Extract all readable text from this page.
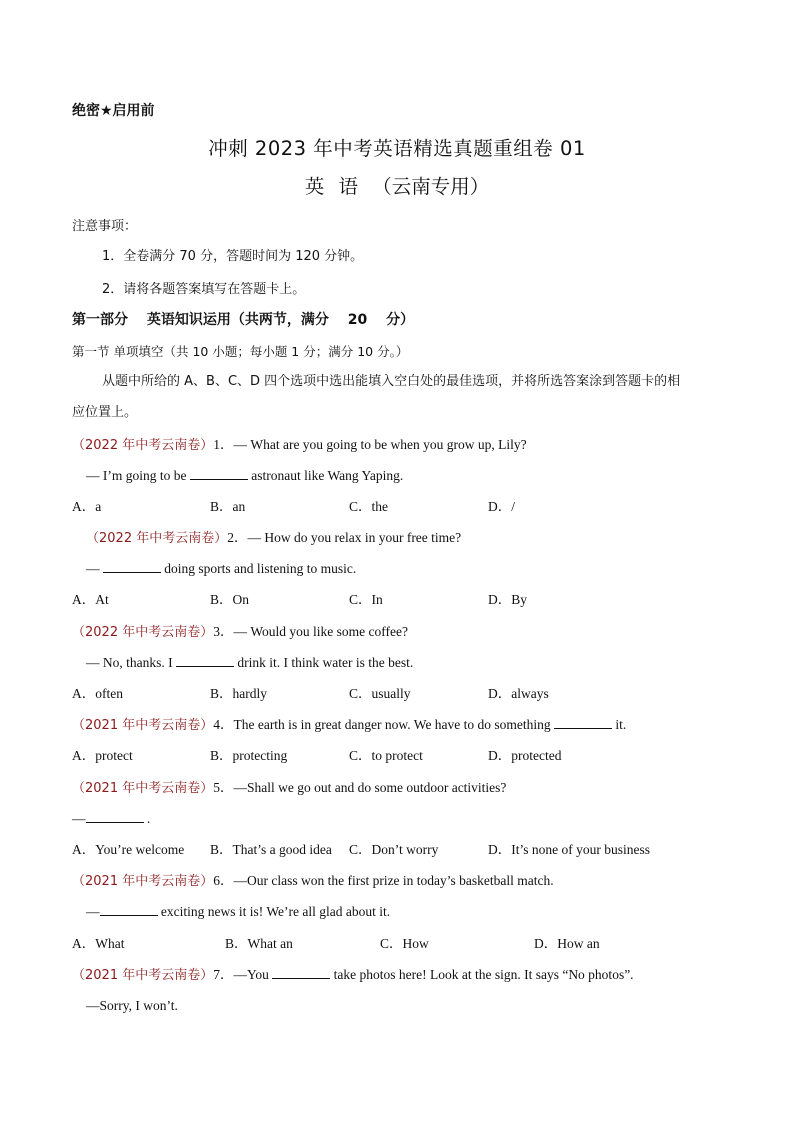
绝密★启用前
冲刺 2023 年中考英语精选真题重组卷 01
英 语 （云南专用）
注意事项：
1．全卷满分 70 分，答题时间为 120 分钟。
2．请将各题答案填写在答题卡上。
第一部分 英语知识运用（共两节，满分 20 分）
第一节 单项填空（共 10 小题；每小题 1 分；满分 10 分。）
从题中所给的 A、B、C、D 四个选项中选出能填入空白处的最佳选项，并将所选答案涂到答题卡的相
应位置上。
（2022 年中考云南卷）1．— What are you going to be when you grow up, Lily?
— I’m going to be	astronaut like Wang Yaping.
A．a	B．an	C．the	D．/
（2022 年中考云南卷）2．— How do you relax in your free time?
—	doing sports and listening to music.
A．At	B．On	C．In	D．By
（2022 年中考云南卷）3．— Would you like some coffee?
— No, thanks. I	drink it. I think water is the best.
A．often	B．hardly	C．usually	D．always
（2021 年中考云南卷）4．The earth is in great danger now. We have to do something	it.
A．protect	B．protecting	C．to protect	D．protected
（2021 年中考云南卷）5．—Shall we go out and do some outdoor activities?
—	.
A．You’re welcome B．That’s a good idea C．Don’t worry	D．It’s none of your business
（2021 年中考云南卷）6．—Our class won the first prize in today’s basketball match.
—	exciting news it is! We’re all glad about it.
A．What	B．What an	C．How	D．How an
（2021 年中考云南卷）7．—You	take photos here! Look at the sign. It says “No photos”.
—Sorry, I won’t.
